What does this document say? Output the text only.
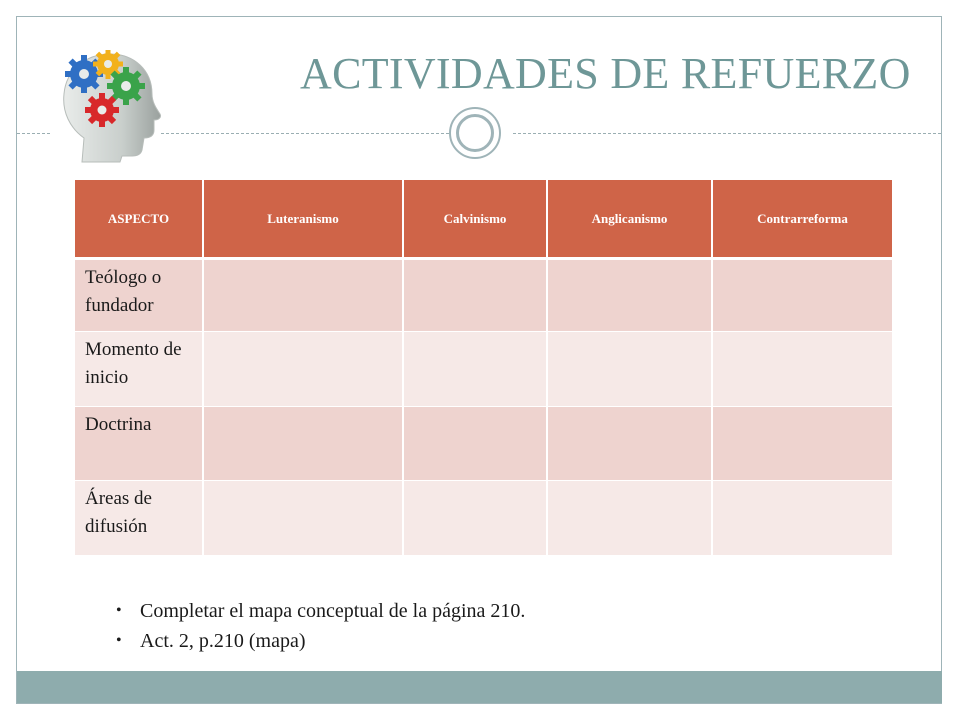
ACTIVIDADES DE REFUERZO
ASPECTO	Luteranismo	Calvinismo	Anglicanismo	Contrarreforma

Teólogo o fundador				

Momento de inicio				

Doctrina				

Áreas de difusión				

• Completar el mapa conceptual de la página 210.
• Act. 2, p.210 (mapa)
